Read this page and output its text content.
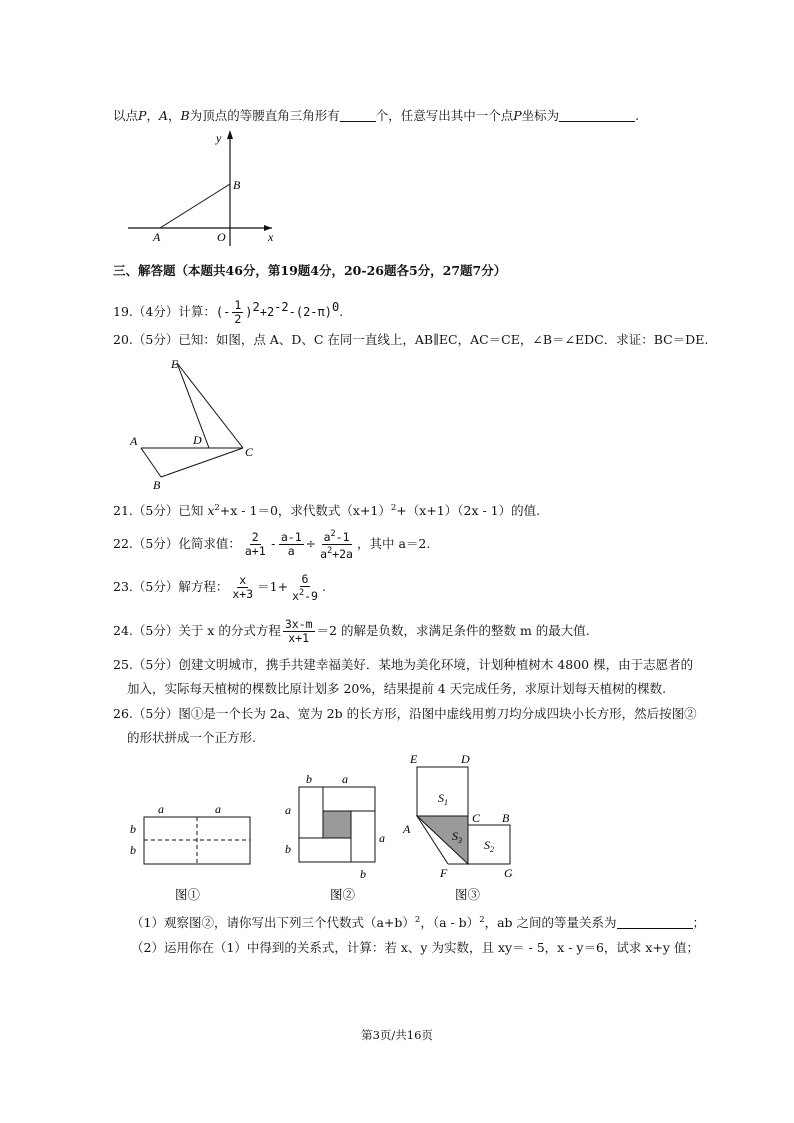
以点P，A，B为顶点的等腰直角三角形有	个，任意写出其中一个点P坐标为	.
y
B
A	O	x
三、解答题（本题共46分，第19题4分，20-26题各5分，27题7分）
19.（4分）计算：(- $\frac{1}{2} )^2+2^{-2}-(2-\pi)^0$.
20.（5分）已知：如图，点 A、D、C 在同一直线上，AB∥EC，AC＝CE，∠B＝∠EDC．求证：BC＝DE.
E
A	D
C
B
21.（5分）已知 $x^2+x - 1=0$，求代数式$(x+1)^2+(x+1)(2x - 1)$的值.
22.（5分）化简求值： $\frac{2}{a+1} - \frac{a-1}{a} \div \frac{a^2-1}{a^2+2a}$ ，其中 a＝2.
23.（5分）解方程： $\frac{x}{x+3} =1+ \frac{6}{x^2-9}$ .
24.（5分）关于 x 的分式方程 $\frac{3x-m}{x+1} =2$ 的解是负数，求满足条件的整数 m 的最大值.
25.（5分）创建文明城市，携手共建幸福美好．某地为美化环境，计划种植树木 4800 棵，由于志愿者的
加入，实际每天植树的棵数比原计划多 20%，结果提前 4 天完成任务，求原计划每天植树的棵数.
26.（5分）图①是一个长为 2a、宽为 2b 的长方形，沿图中虚线用剪刀均分成四块小长方形，然后按图②
的形状拼成一个正方形.
a	a
b
b
图①
b	a
a
a
b
b
图②
E	D
$S_1$
A
C B
$S_3$ $S_2$
F	G
图③
（1）观察图②，请你写出下列三个代数式$(a+b)^2$，（a - b）$^2$，ab 之间的等量关系为	；
（2）运用你在（1）中得到的关系式，计算：若 x、y 为实数，且 xy＝ - 5，x - y＝6，试求 x+y 值；
第3页/共16页
